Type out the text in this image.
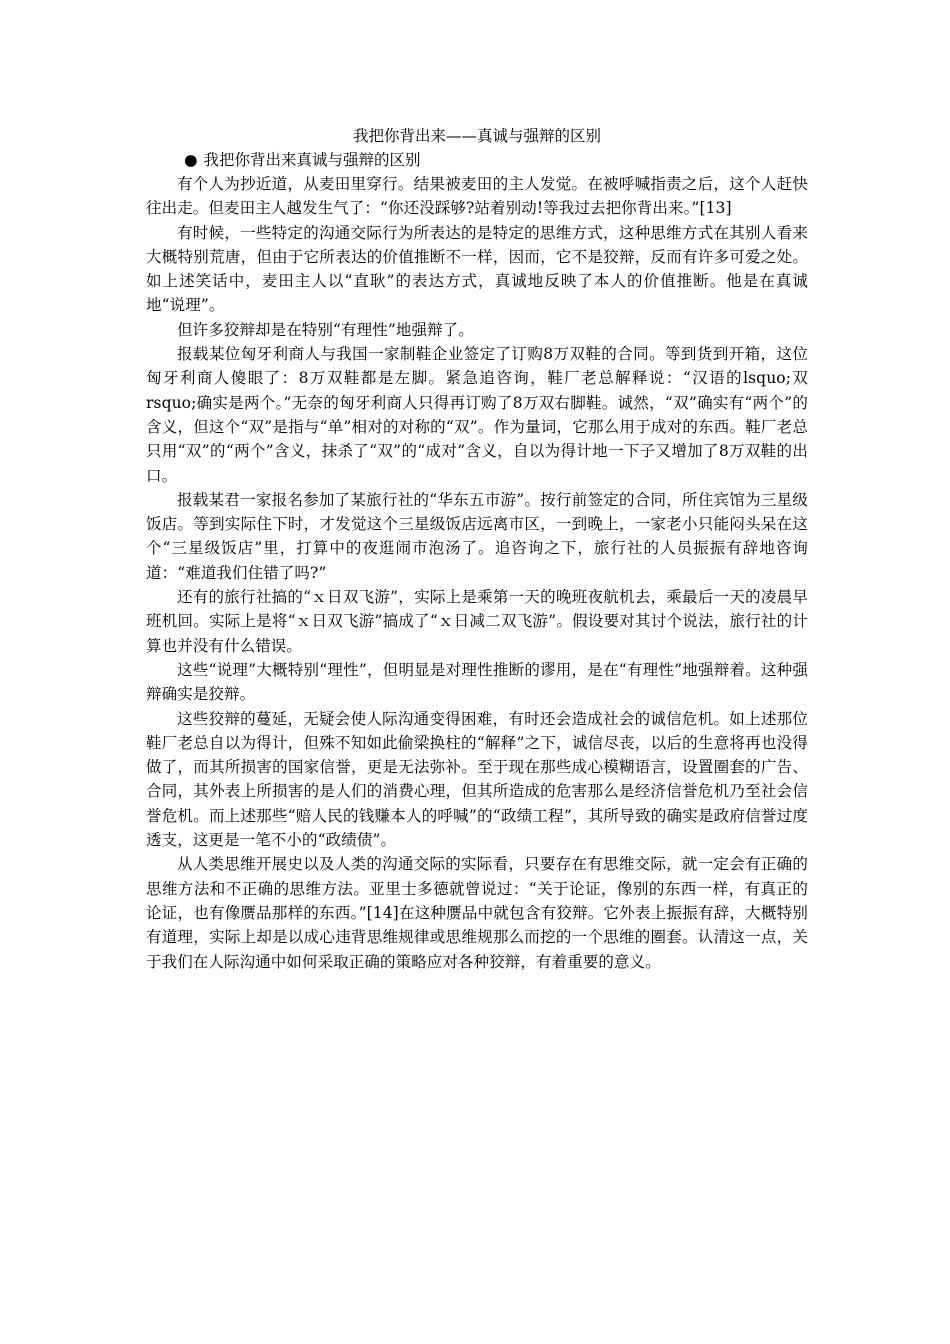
我把你背出来——真诚与强辩的区别

● 我把你背出来真诚与强辩的区别

有个人为抄近道，从麦田里穿行。结果被麦田的主人发觉。在被呼喊指责之后，这个人赶快往出走。但麦田主人越发生气了：“你还没踩够?站着别动!等我过去把你背出来。”[13]

有时候，一些特定的沟通交际行为所表达的是特定的思维方式，这种思维方式在其别人看来大概特别荒唐，但由于它所表达的价值推断不一样，因而，它不是狡辩，反而有许多可爱之处。如上述笑话中，麦田主人以“直耿”的表达方式，真诚地反映了本人的价值推断。他是在真诚地“说理”。

但许多狡辩却是在特别“有理性”地强辩了。

报载某位匈牙利商人与我国一家制鞋企业签定了订购8万双鞋的合同。等到货到开箱，这位匈牙利商人傻眼了：8万双鞋都是左脚。紧急追咨询，鞋厂老总解释说：“汉语的lsquo;双rsquo;确实是两个。”无奈的匈牙利商人只得再订购了8万双右脚鞋。诚然，“双”确实有“两个”的含义，但这个“双”是指与“单”相对的对称的“双”。作为量词，它那么用于成对的东西。鞋厂老总只用“双”的“两个”含义，抹杀了“双”的“成对”含义，自以为得计地一下子又增加了8万双鞋的出口。

报载某君一家报名参加了某旅行社的“华东五市游”。按行前签定的合同，所住宾馆为三星级饭店。等到实际住下时，才发觉这个三星级饭店远离市区，一到晚上，一家老小只能闷头呆在这个“三星级饭店”里，打算中的夜逛闹市泡汤了。追咨询之下，旅行社的人员振振有辞地咨询道：“难道我们住错了吗?”

还有的旅行社搞的“ｘ日双飞游”，实际上是乘第一天的晚班夜航机去，乘最后一天的凌晨早班机回。实际上是将“ｘ日双飞游”搞成了“ｘ日减二双飞游”。假设要对其讨个说法，旅行社的计算也并没有什么错误。

这些“说理”大概特别“理性”，但明显是对理性推断的谬用，是在“有理性”地强辩着。这种强辩确实是狡辩。

这些狡辩的蔓延，无疑会使人际沟通变得困难，有时还会造成社会的诚信危机。如上述那位鞋厂老总自以为得计，但殊不知如此偷梁换柱的“解释”之下，诚信尽丧，以后的生意将再也没得做了，而其所损害的国家信誉，更是无法弥补。至于现在那些成心模糊语言，设置圈套的广告、合同，其外表上所损害的是人们的消费心理，但其所造成的危害那么是经济信誉危机乃至社会信誉危机。而上述那些“赔人民的钱赚本人的呼喊”的“政绩工程”，其所导致的确实是政府信誉过度透支，这更是一笔不小的“政绩债”。

从人类思维开展史以及人类的沟通交际的实际看，只要存在有思维交际，就一定会有正确的思维方法和不正确的思维方法。亚里士多德就曾说过：“关于论证，像别的东西一样，有真正的论证，也有像赝品那样的东西。”[14]在这种赝品中就包含有狡辩。它外表上振振有辞，大概特别有道理，实际上却是以成心违背思维规律或思维规那么而挖的一个思维的圈套。认清这一点，关于我们在人际沟通中如何采取正确的策略应对各种狡辩，有着重要的意义。
